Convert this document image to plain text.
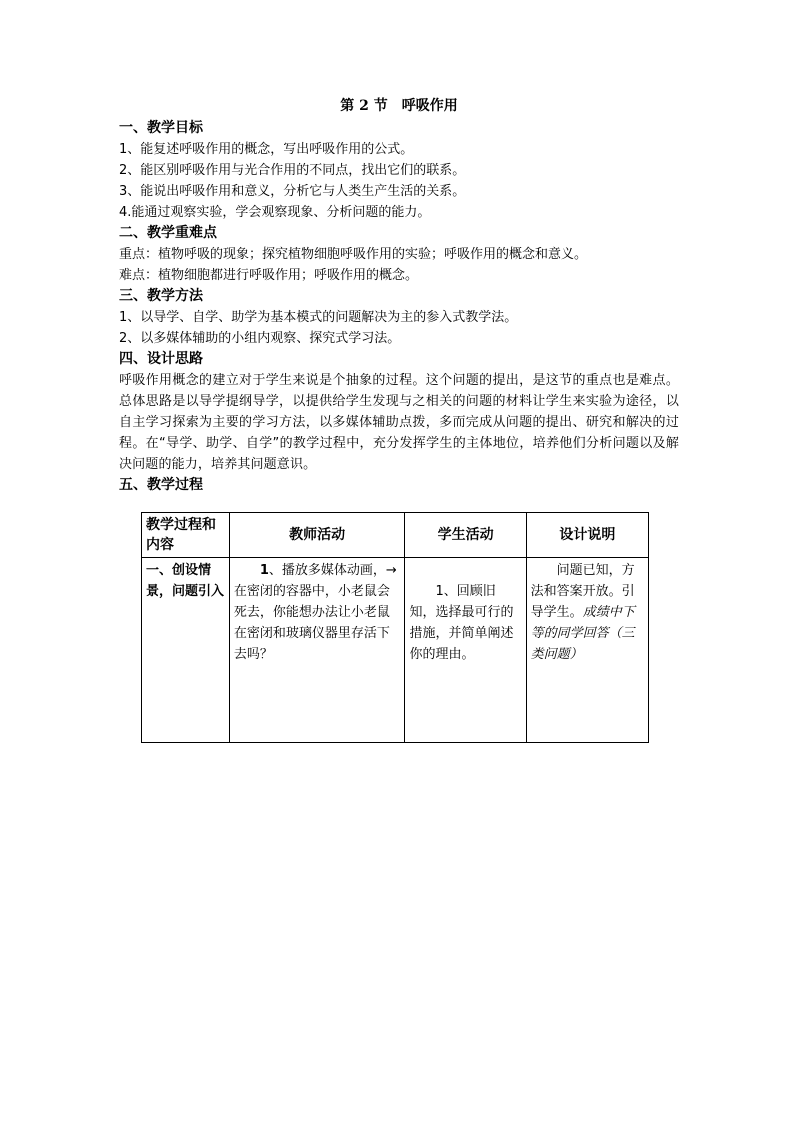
第 2 节　呼吸作用
一、教学目标
1、能复述呼吸作用的概念，写出呼吸作用的公式。
2、能区别呼吸作用与光合作用的不同点，找出它们的联系。
3、能说出呼吸作用和意义，分析它与人类生产生活的关系。
4.能通过观察实验，学会观察现象、分析问题的能力。
二、教学重难点
重点：植物呼吸的现象；探究植物细胞呼吸作用的实验；呼吸作用的概念和意义。
难点：植物细胞都进行呼吸作用；呼吸作用的概念。
三、教学方法
1、以导学、自学、助学为基本模式的问题解决为主的参入式教学法。
2、以多媒体辅助的小组内观察、探究式学习法。
四、设计思路
呼吸作用概念的建立对于学生来说是个抽象的过程。这个问题的提出，是这节的重点也是难点。总体思路是以导学提纲导学，以提供给学生发现与之相关的问题的材料让学生来实验为途径，以自主学习探索为主要的学习方法，以多媒体辅助点拨，多而完成从问题的提出、研究和解决的过程。在“导学、助学、自学”的教学过程中，充分发挥学生的主体地位，培养他们分析问题以及解决问题的能力，培养其问题意识。
五、教学过程
教学过程和内容	教师活动	学生活动	设计说明
一、创设情景，问题引入	1、播放多媒体动画，→在密闭的容器中，小老鼠会死去，你能想办法让小老鼠在密闭和玻璃仪器里存活下去吗？	1、回顾旧知，选择最可行的措施，并简单阐述你的理由。	问题已知，方法和答案开放。引导学生。成绩中下等的同学回答（三类问题）
